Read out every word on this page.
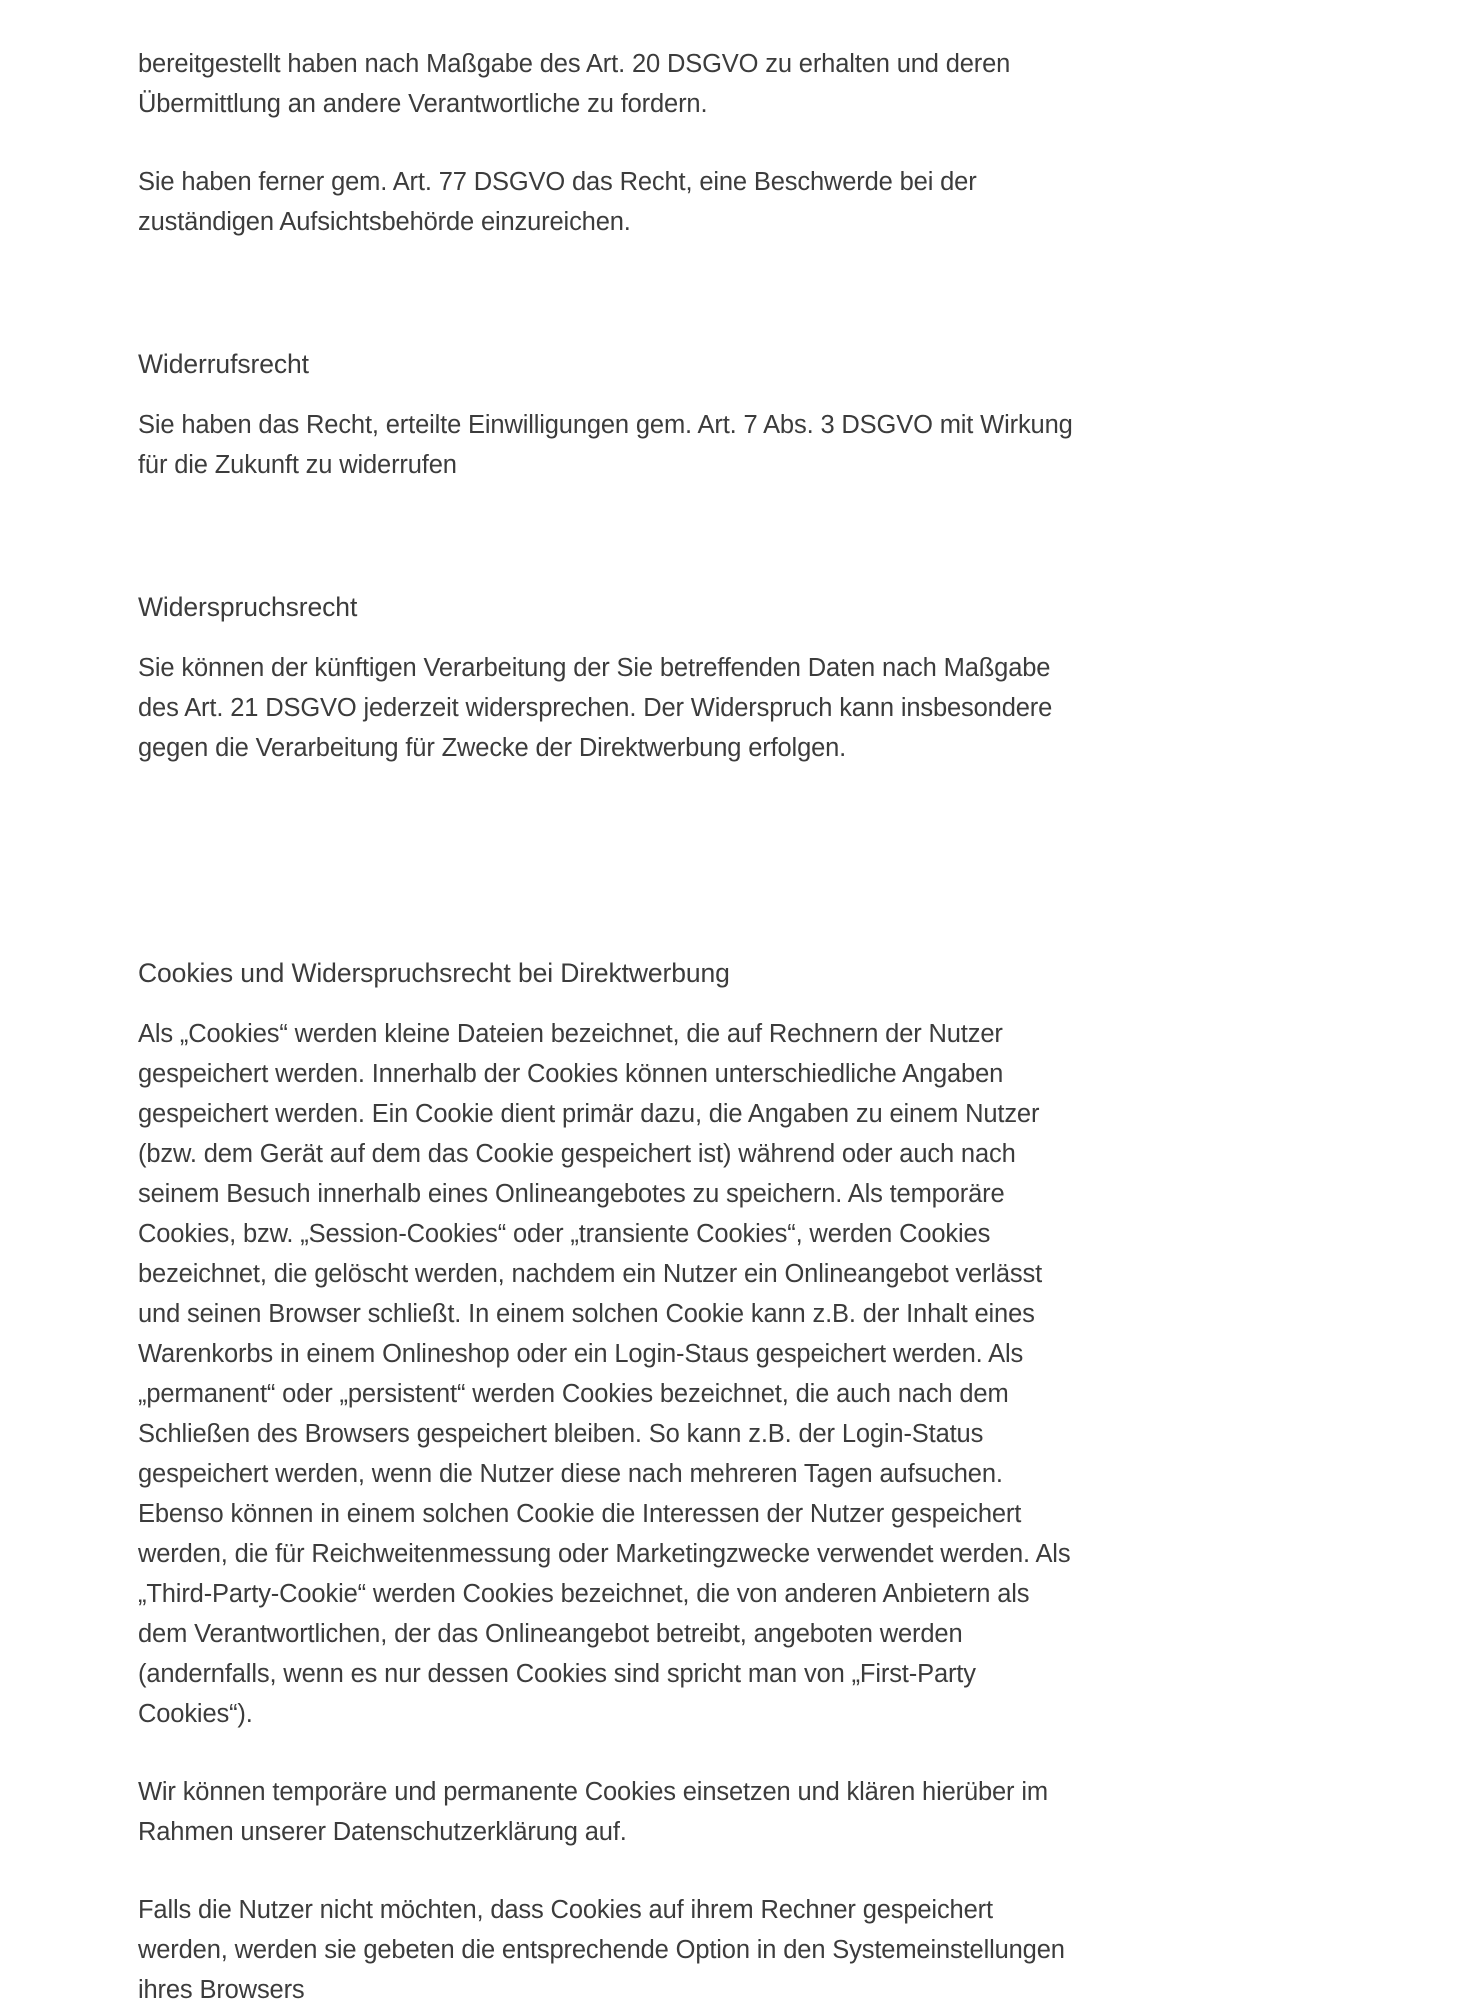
bereitgestellt haben nach Maßgabe des Art. 20 DSGVO zu erhalten und deren Übermittlung an andere Verantwortliche zu fordern.

Sie haben ferner gem. Art. 77 DSGVO das Recht, eine Beschwerde bei der zuständigen Aufsichtsbehörde einzureichen.

Widerrufsrecht

Sie haben das Recht, erteilte Einwilligungen gem. Art. 7 Abs. 3 DSGVO mit Wirkung für die Zukunft zu widerrufen

Widerspruchsrecht

Sie können der künftigen Verarbeitung der Sie betreffenden Daten nach Maßgabe des Art. 21 DSGVO jederzeit widersprechen. Der Widerspruch kann insbesondere gegen die Verarbeitung für Zwecke der Direktwerbung erfolgen.

Cookies und Widerspruchsrecht bei Direktwerbung

Als „Cookies“ werden kleine Dateien bezeichnet, die auf Rechnern der Nutzer gespeichert werden. Innerhalb der Cookies können unterschiedliche Angaben gespeichert werden. Ein Cookie dient primär dazu, die Angaben zu einem Nutzer (bzw. dem Gerät auf dem das Cookie gespeichert ist) während oder auch nach seinem Besuch innerhalb eines Onlineangebotes zu speichern. Als temporäre Cookies, bzw. „Session-Cookies“ oder „transiente Cookies“, werden Cookies bezeichnet, die gelöscht werden, nachdem ein Nutzer ein Onlineangebot verlässt und seinen Browser schließt. In einem solchen Cookie kann z.B. der Inhalt eines Warenkorbs in einem Onlineshop oder ein Login-Staus gespeichert werden. Als „permanent“ oder „persistent“ werden Cookies bezeichnet, die auch nach dem Schließen des Browsers gespeichert bleiben. So kann z.B. der Login-Status gespeichert werden, wenn die Nutzer diese nach mehreren Tagen aufsuchen. Ebenso können in einem solchen Cookie die Interessen der Nutzer gespeichert werden, die für Reichweitenmessung oder Marketingzwecke verwendet werden. Als „Third-Party-Cookie“ werden Cookies bezeichnet, die von anderen Anbietern als dem Verantwortlichen, der das Onlineangebot betreibt, angeboten werden (andernfalls, wenn es nur dessen Cookies sind spricht man von „First-Party Cookies“).

Wir können temporäre und permanente Cookies einsetzen und klären hierüber im Rahmen unserer Datenschutzerklärung auf.

Falls die Nutzer nicht möchten, dass Cookies auf ihrem Rechner gespeichert werden, werden sie gebeten die entsprechende Option in den Systemeinstellungen ihres Browsers
